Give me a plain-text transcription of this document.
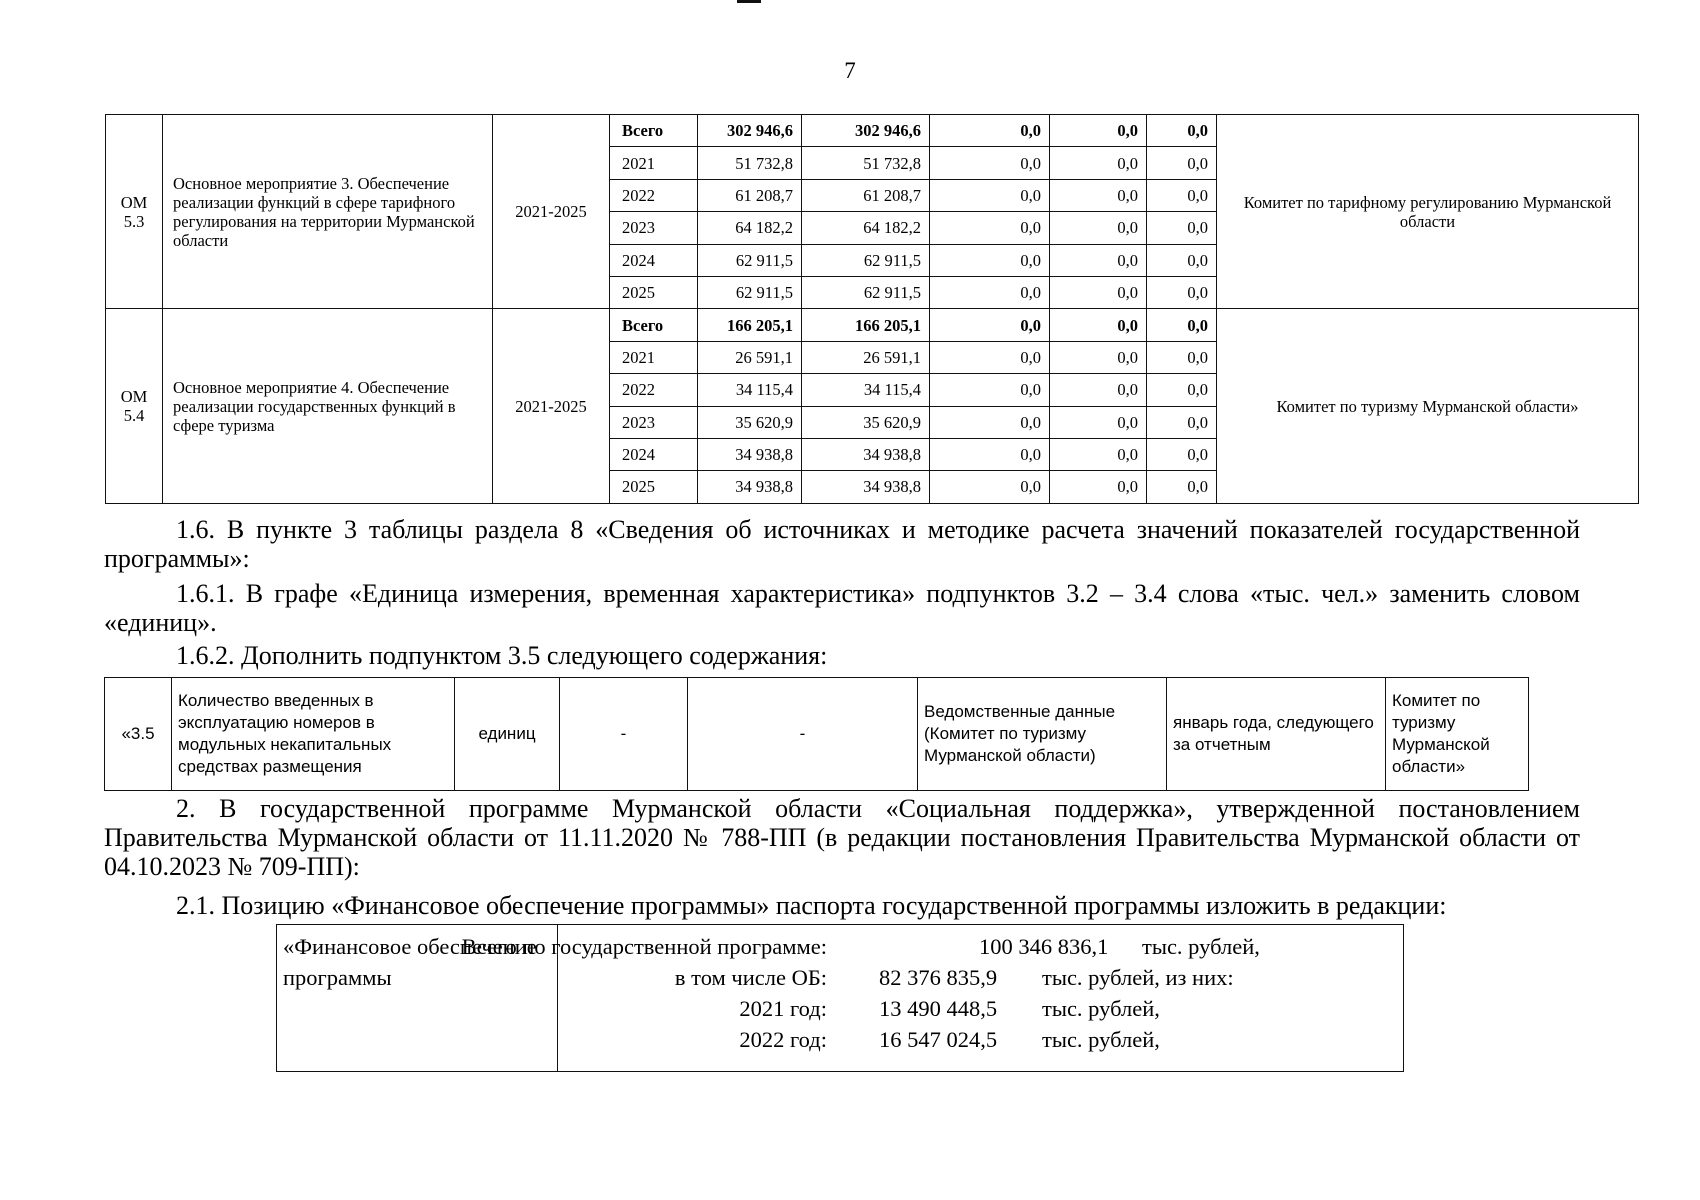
7
ОМ 5.3	Основное мероприятие 3. Обеспечение реализации функций в сфере тарифного регулирования на территории Мурманской области	2021-2025	Всего	302 946,6	302 946,6	0,0	0,0	0,0	Комитет по тарифному регулированию Мурманской области
			2021	51 732,8	51 732,8	0,0	0,0	0,0	
			2022	61 208,7	61 208,7	0,0	0,0	0,0	
			2023	64 182,2	64 182,2	0,0	0,0	0,0	
			2024	62 911,5	62 911,5	0,0	0,0	0,0	
			2025	62 911,5	62 911,5	0,0	0,0	0,0	
ОМ 5.4	Основное мероприятие 4. Обеспечение реализации государственных функций в сфере туризма	2021-2025	Всего	166 205,1	166 205,1	0,0	0,0	0,0	Комитет по туризму Мурманской области»
			2021	26 591,1	26 591,1	0,0	0,0	0,0	
			2022	34 115,4	34 115,4	0,0	0,0	0,0	
			2023	35 620,9	35 620,9	0,0	0,0	0,0	
			2024	34 938,8	34 938,8	0,0	0,0	0,0	
			2025	34 938,8	34 938,8	0,0	0,0	0,0	
1.6. В пункте 3 таблицы раздела 8 «Сведения об источниках и методике расчета значений показателей государственной программы»:
1.6.1. В графе «Единица измерения, временная характеристика» подпунктов 3.2 – 3.4 слова «тыс. чел.» заменить словом «единиц».
1.6.2. Дополнить подпунктом 3.5 следующего содержания:
«3.5	Количество введенных в эксплуатацию номеров в модульных некапитальных средствах размещения	единиц	-	-	Ведомственные данные (Комитет по туризму Мурманской области)	январь года, следующего за отчетным	Комитет по туризму Мурманской области»
2. В государственной программе Мурманской области «Социальная поддержка», утвержденной постановлением Правительства Мурманской области от 11.11.2020 № 788-ПП (в редакции постановления Правительства Мурманской области от 04.10.2023 № 709-ПП):
2.1. Позицию «Финансовое обеспечение программы» паспорта государственной программы изложить в редакции:
«Финансовое обеспечение программы	
Всего по государственной программе:	100 346 836,1 тыс. рублей,
в том числе ОБ: 82 376 835,9 тыс. рублей, из них:
2021 год: 13 490 448,5 тыс. рублей,
2022 год: 16 547 024,5 тыс. рублей,
